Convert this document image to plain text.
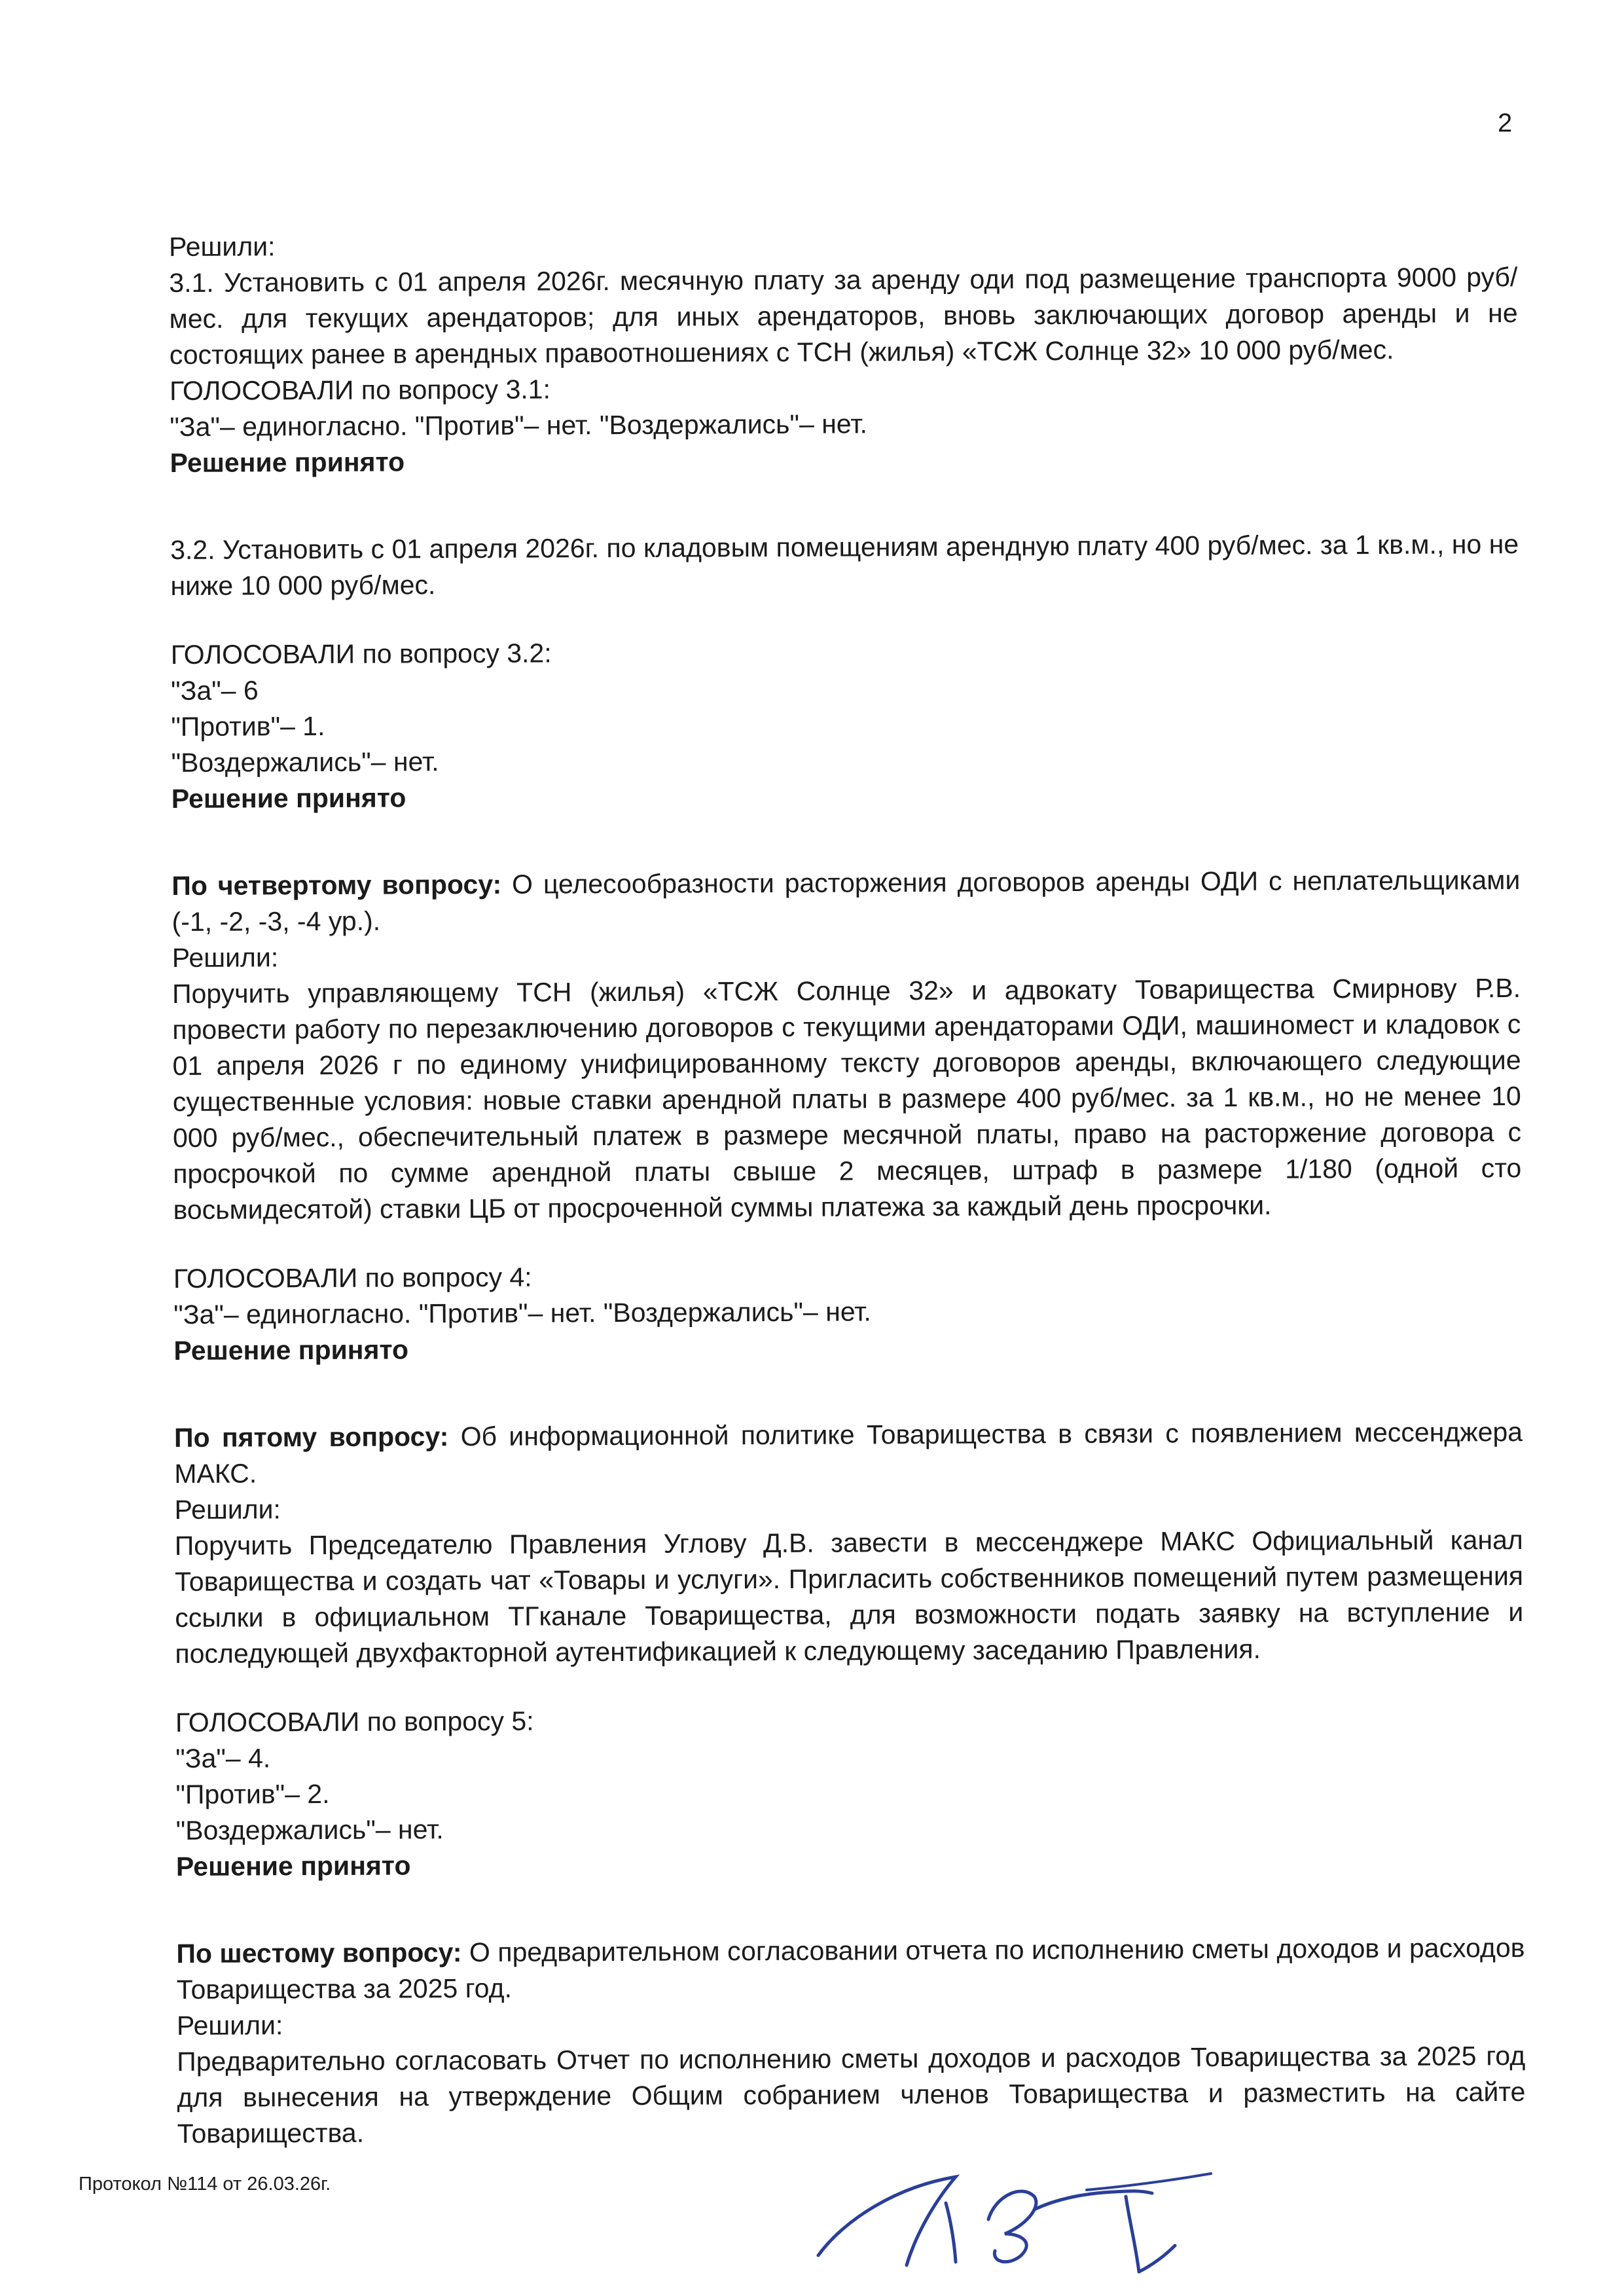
2

Решили:

3.1. Установить с 01 апреля 2026г. месячную плату за аренду оди под размещение транспорта 9000 руб/мес. для текущих арендаторов; для иных арендаторов, вновь заключающих договор аренды и не состоящих ранее в арендных правоотношениях с ТСН (жилья) «ТСЖ Солнце 32» 10 000 руб/мес.

ГОЛОСОВАЛИ по вопросу 3.1:

"За"– единогласно. "Против"– нет. "Воздержались"– нет.

Решение принято

3.2. Установить с 01 апреля 2026г. по кладовым помещениям арендную плату 400 руб/мес. за 1 кв.м., но не ниже 10 000 руб/мес.

ГОЛОСОВАЛИ по вопросу 3.2:

"За"– 6

"Против"– 1.

"Воздержались"– нет.

Решение принято

По четвертому вопросу: О целесообразности расторжения договоров аренды ОДИ с неплательщиками (-1, -2, -3, -4 ур.).

Решили:

Поручить управляющему ТСН (жилья) «ТСЖ Солнце 32» и адвокату Товарищества Смирнову Р.В. провести работу по перезаключению договоров с текущими арендаторами ОДИ, машиномест и кладовок с 01 апреля 2026 г по единому унифицированному тексту договоров аренды, включающего следующие существенные условия: новые ставки арендной платы в размере 400 руб/мес. за 1 кв.м., но не менее 10 000 руб/мес., обеспечительный платеж в размере месячной платы, право на расторжение договора с просрочкой по сумме арендной платы свыше 2 месяцев, штраф в размере 1/180 (одной сто восьмидесятой) ставки ЦБ от просроченной суммы платежа за каждый день просрочки.

ГОЛОСОВАЛИ по вопросу 4:

"За"– единогласно. "Против"– нет. "Воздержались"– нет.

Решение принято

По пятому вопросу: Об информационной политике Товарищества в связи с появлением мессенджера МАКС.

Решили:

Поручить Председателю Правления Углову Д.В. завести в мессенджере МАКС Официальный канал Товарищества и создать чат «Товары и услуги». Пригласить собственников помещений путем размещения ссылки в официальном ТГканале Товарищества, для возможности подать заявку на вступление и последующей двухфакторной аутентификацией к следующему заседанию Правления.

ГОЛОСОВАЛИ по вопросу 5:

"За"– 4.

"Против"– 2.

"Воздержались"– нет.

Решение принято

По шестому вопросу: О предварительном согласовании отчета по исполнению сметы доходов и расходов Товарищества за 2025 год.

Решили:

Предварительно согласовать Отчет по исполнению сметы доходов и расходов Товарищества за 2025 год для вынесения на утверждение Общим собранием членов Товарищества и разместить на сайте Товарищества.

Протокол №114 от 26.03.26г.
